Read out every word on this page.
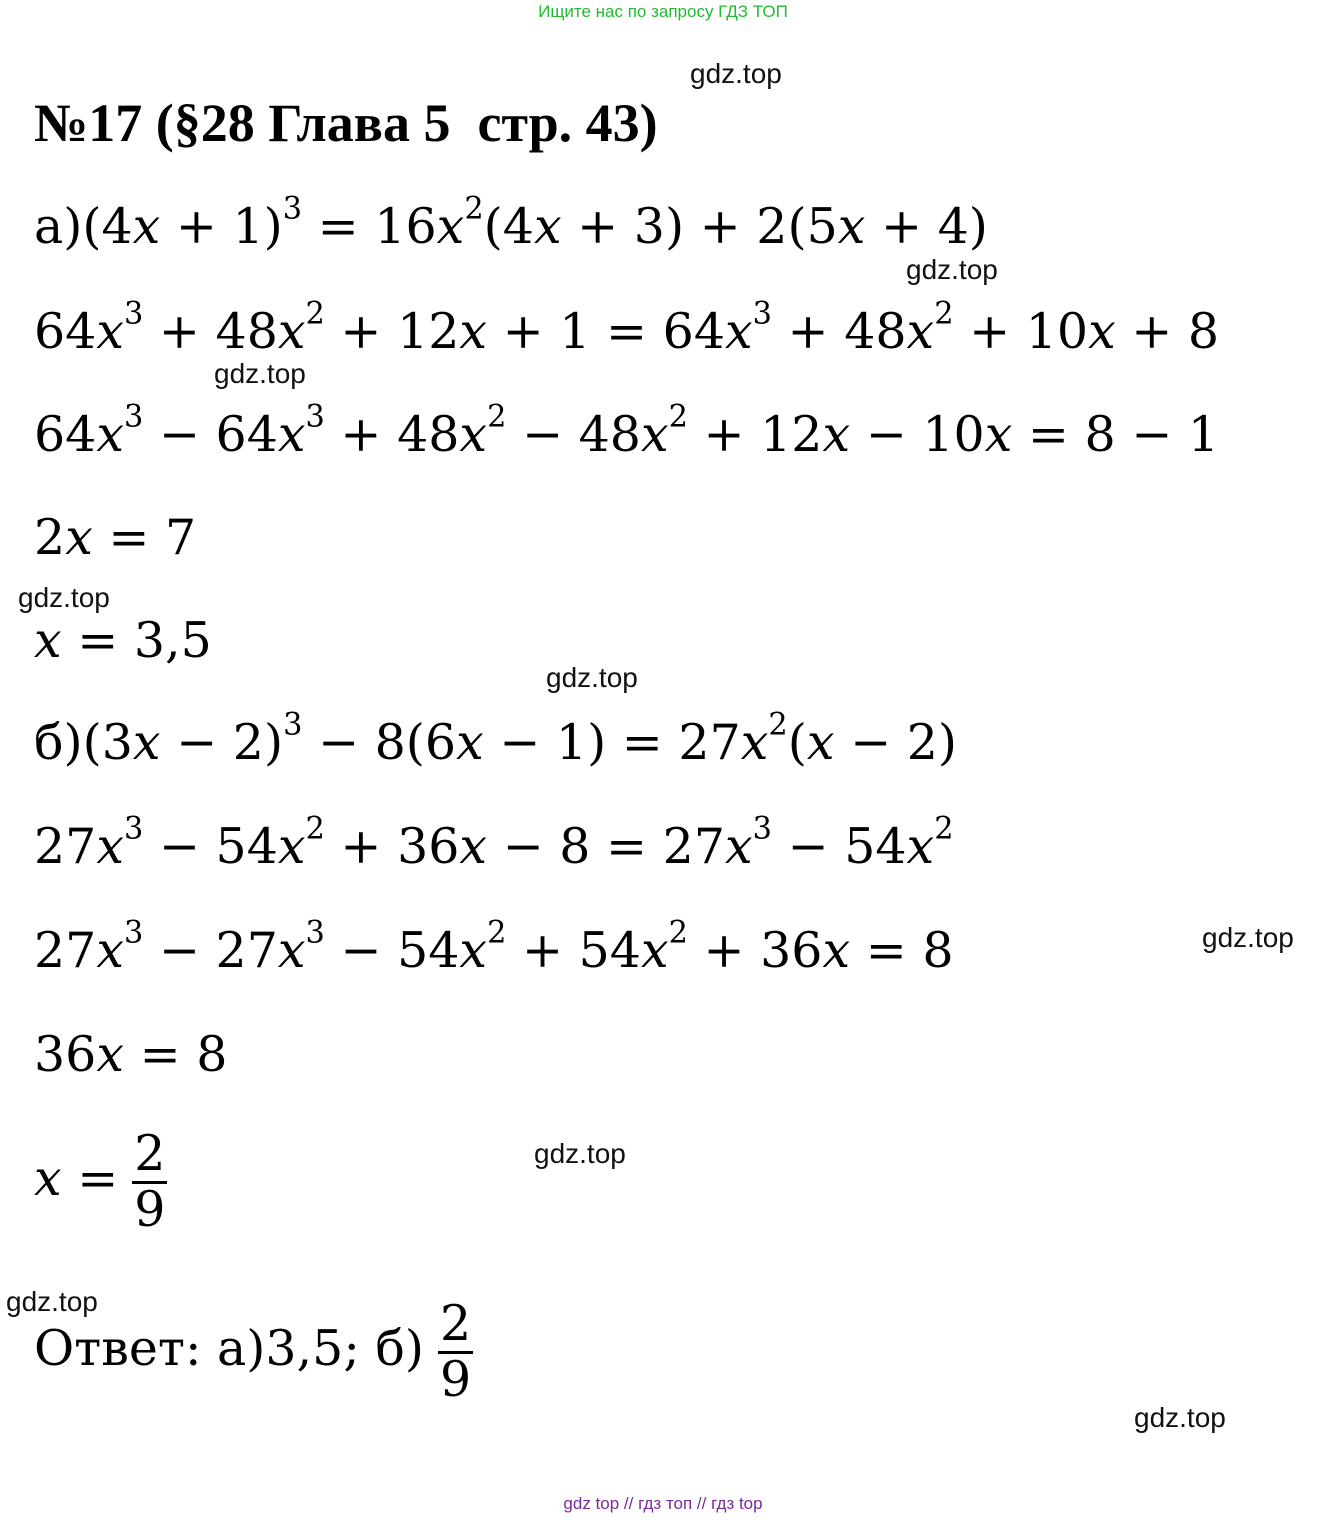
Ищите нас по запросу ГДЗ ТОП
№17 (§28 Глава 5  стр. 43)
$а)(4x + 1)^3 = 16x^2(4x + 3) + 2(5x + 4)$
$64x^3 + 48x^2 + 12x + 1 = 64x^3 + 48x^2 + 10x + 8$
$64x^3 - 64x^3 + 48x^2 - 48x^2 + 12x - 10x = 8 - 1$
2x = 7
x = 3,5
$б)(3x - 2)^3 - 8(6x - 1) = 27x^2(x - 2)$
$27x^3 - 54x^2 + 36x - 8 = 27x^3 - 54x^2$
$27x^3 - 27x^3 - 54x^2 + 54x^2 + 36x = 8$
36x = 8
$x = \frac{2}{9}$
Ответ: а)3,5; $б) \frac{2}{9}$
gdz.top
gdz.top
gdz.top
gdz.top
gdz.top
gdz.top
gdz.top
gdz.top
gdz.top
gdz top // гдз топ // гдз top
